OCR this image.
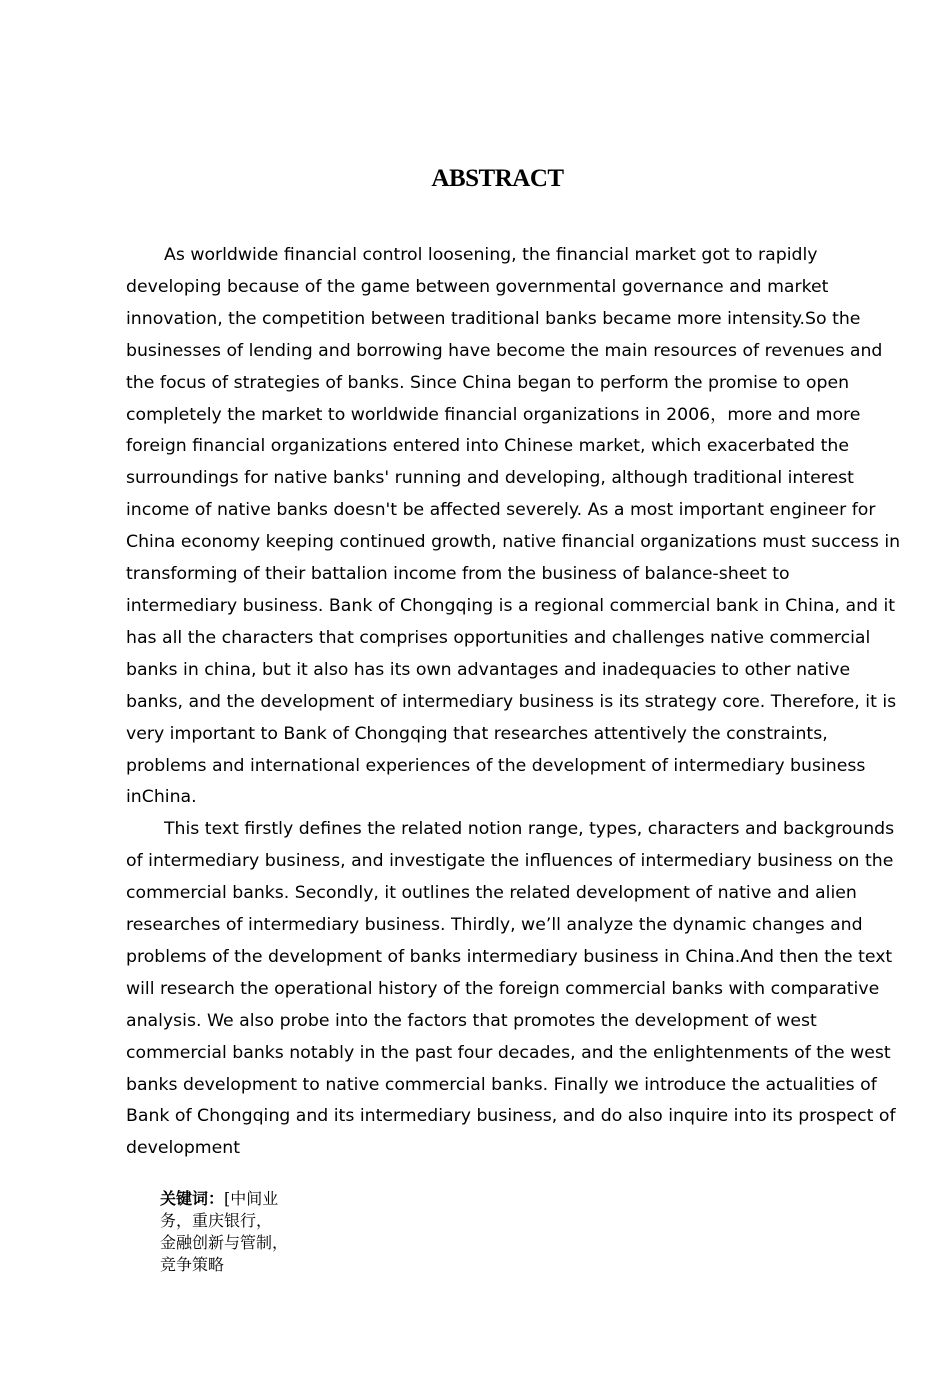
ABSTRACT

As worldwide financial control loosening, the financial market got to rapidly developing because of the game between governmental governance and market innovation, the competition between traditional banks became more intensity.So the businesses of lending and borrowing have become the main resources of revenues and the focus of strategies of banks. Since China began to perform the promise to open completely the market to worldwide financial organizations in 2006，more and more foreign financial organizations entered into Chinese market, which exacerbated the surroundings for native banks' running and developing, although traditional interest income of native banks doesn't be affected severely. As a most important engineer for China economy keeping continued growth, native financial organizations must success in transforming of their battalion income from the business of balance-sheet to intermediary business. Bank of Chongqing is a regional commercial bank in China, and it has all the characters that comprises opportunities and challenges native commercial banks in china, but it also has its own advantages and inadequacies to other native banks, and the development of intermediary business is its strategy core. Therefore, it is very important to Bank of Chongqing that researches attentively the constraints, problems and international experiences of the development of intermediary business inChina.

This text firstly defines the related notion range, types, characters and backgrounds of intermediary business, and investigate the influences of intermediary business on the commercial banks. Secondly, it outlines the related development of native and alien researches of intermediary business. Thirdly, we’ll analyze the dynamic changes and problems of the development of banks intermediary business in China.And then the text will research the operational history of the foreign commercial banks with comparative analysis. We also probe into the factors that promotes the development of west commercial banks notably in the past four decades, and the enlightenments of the west banks development to native commercial banks. Finally we introduce the actualities of Bank of Chongqing and its intermediary business, and do also inquire into its prospect of development

关键词：[中间业
务，重庆银行，
金融创新与管制，
竞争策略
